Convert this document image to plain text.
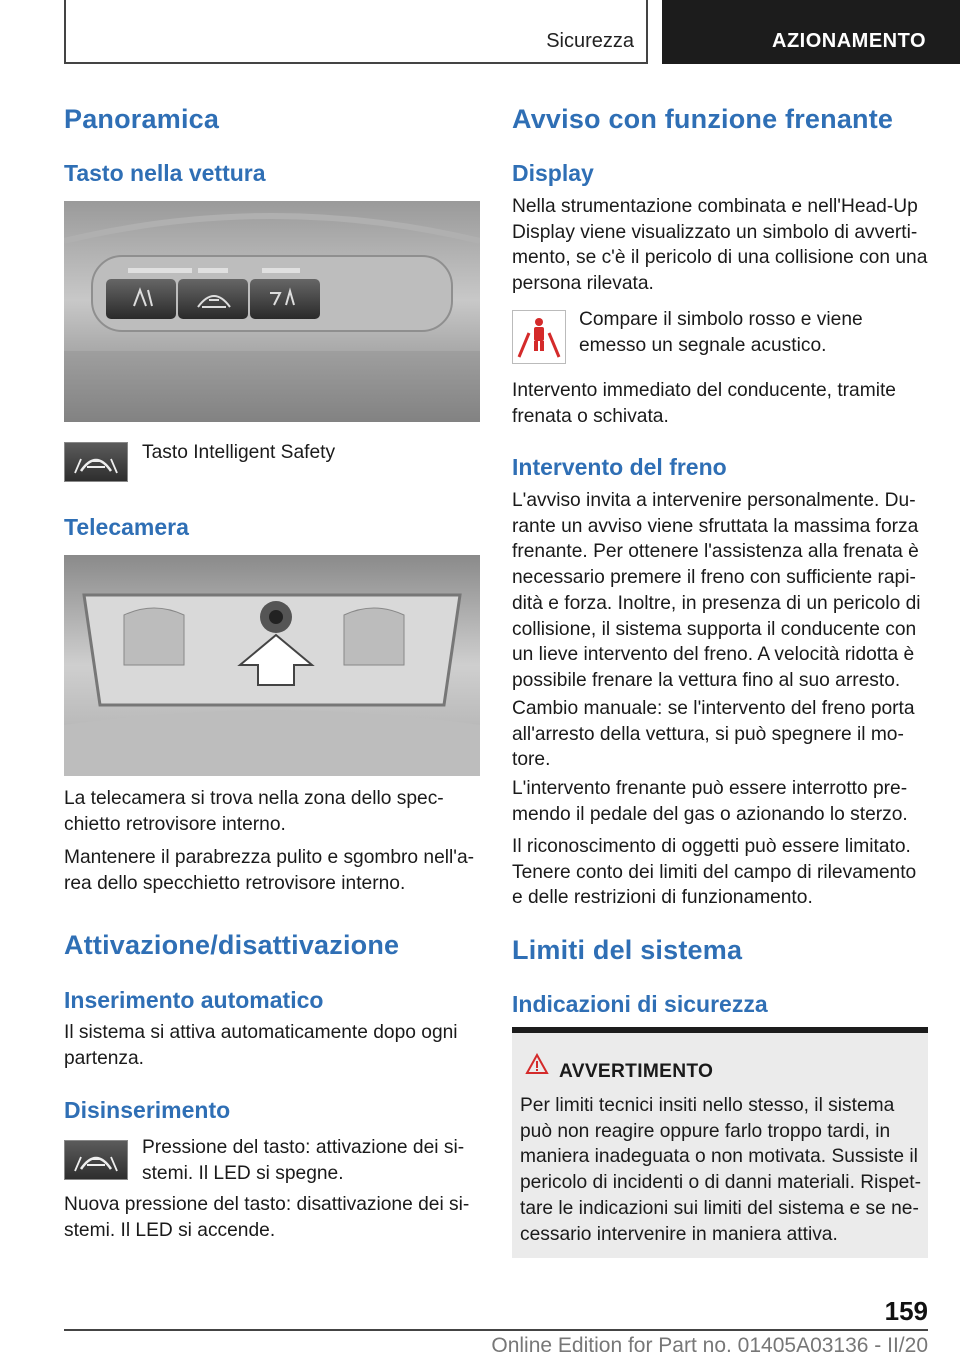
Sicurezza	AZIONAMENTO
Panoramica
Tasto nella vettura
Tasto Intelligent Safety
Telecamera
La telecamera si trova nella zona dello spec-
chietto retrovisore interno.
Mantenere il parabrezza pulito e sgombro nell'a-
rea dello specchietto retrovisore interno.
Attivazione/disattivazione
Inserimento automatico
Il sistema si attiva automaticamente dopo ogni
partenza.
Disinserimento
Pressione del tasto: attivazione dei si-
stemi. Il LED si spegne.
Nuova pressione del tasto: disattivazione dei si-
stemi. Il LED si accende.
Avviso con funzione frenante
Display
Nella strumentazione combinata e nell'Head-Up
Display viene visualizzato un simbolo di avverti-
mento, se c'è il pericolo di una collisione con una
persona rilevata.
Compare il simbolo rosso e viene
emesso un segnale acustico.
Intervento immediato del conducente, tramite
frenata o schivata.
Intervento del freno
L'avviso invita a intervenire personalmente. Du-
rante un avviso viene sfruttata la massima forza
frenante. Per ottenere l'assistenza alla frenata è
necessario premere il freno con sufficiente rapi-
dità e forza. Inoltre, in presenza di un pericolo di
collisione, il sistema supporta il conducente con
un lieve intervento del freno. A velocità ridotta è
possibile frenare la vettura fino al suo arresto.
Cambio manuale: se l'intervento del freno porta
all'arresto della vettura, si può spegnere il mo-
tore.
L'intervento frenante può essere interrotto pre-
mendo il pedale del gas o azionando lo sterzo.
Il riconoscimento di oggetti può essere limitato.
Tenere conto dei limiti del campo di rilevamento
e delle restrizioni di funzionamento.
Limiti del sistema
Indicazioni di sicurezza
AVVERTIMENTO
Per limiti tecnici insiti nello stesso, il sistema
può non reagire oppure farlo troppo tardi, in
maniera inadeguata o non motivata. Sussiste il
pericolo di incidenti o di danni materiali. Rispet-
tare le indicazioni sui limiti del sistema e se ne-
cessario intervenire in maniera attiva.
159
Online Edition for Part no. 01405A03136 - II/20
